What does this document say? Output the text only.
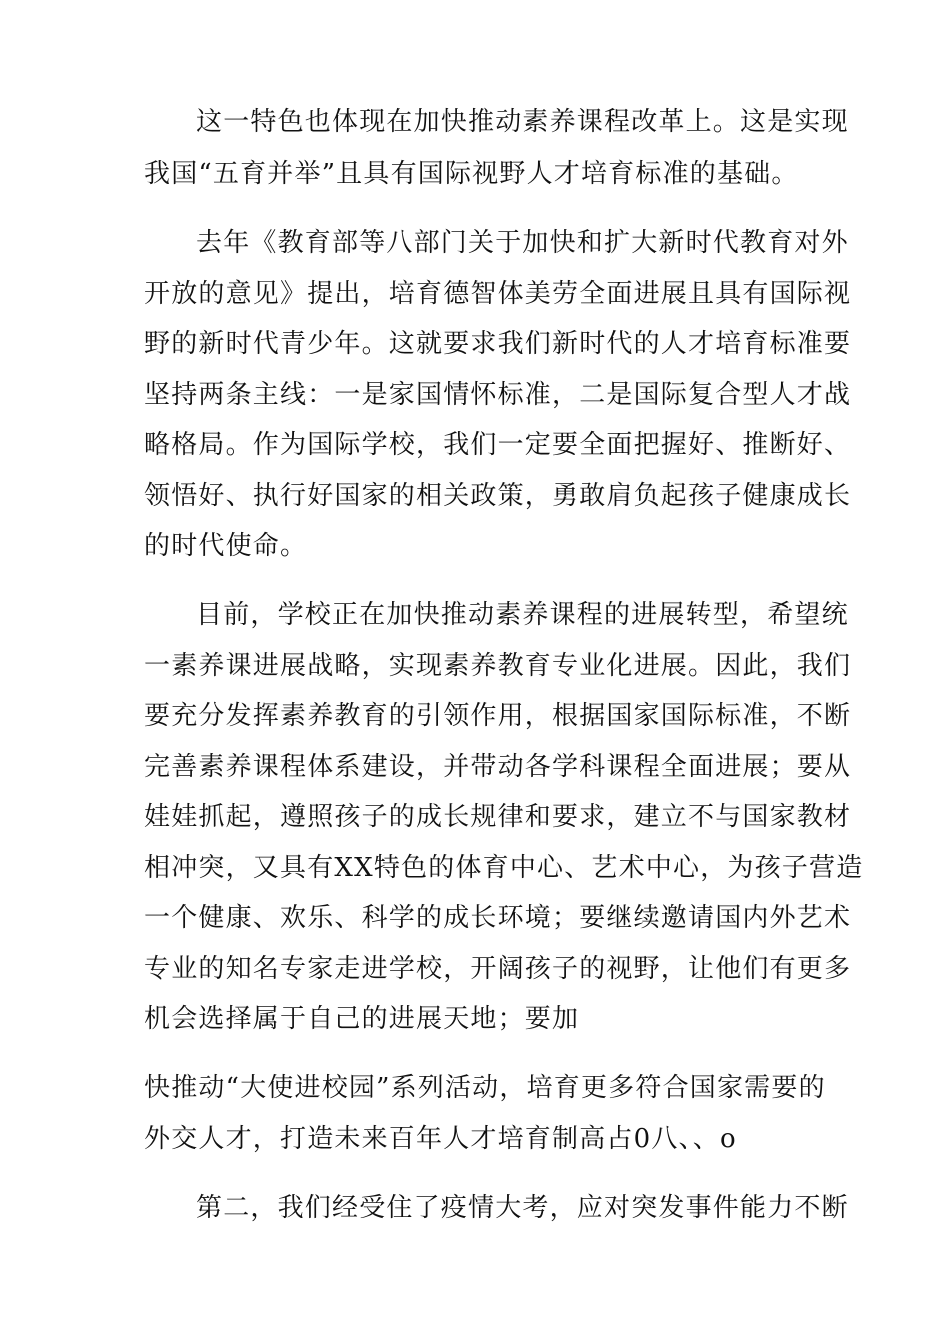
这一特色也体现在加快推动素养课程改革上。这是实现

我国“五育并举”且具有国际视野人才培育标准的基础。

去年《教育部等八部门关于加快和扩大新时代教育对外

开放的意见》提出，培育德智体美劳全面进展且具有国际视

野的新时代青少年。这就要求我们新时代的人才培育标准要

坚持两条主线：一是家国情怀标准，二是国际复合型人才战

略格局。作为国际学校，我们一定要全面把握好、推断好、

领悟好、执行好国家的相关政策，勇敢肩负起孩子健康成长

的时代使命。

目前，学校正在加快推动素养课程的进展转型，希望统

一素养课进展战略，实现素养教育专业化进展。因此，我们

要充分发挥素养教育的引领作用，根据国家国际标准，不断

完善素养课程体系建设，并带动各学科课程全面进展；要从

娃娃抓起，遵照孩子的成长规律和要求，建立不与国家教材

相冲突，又具有XX特色的体育中心、艺术中心，为孩子营造

一个健康、欢乐、科学的成长环境；要继续邀请国内外艺术

专业的知名专家走进学校，开阔孩子的视野，让他们有更多

机会选择属于自己的进展天地；要加

快推动“大使进校园”系列活动，培育更多符合国家需要的

外交人才，打造未来百年人才培育制高占0八、、o

第二，我们经受住了疫情大考，应对突发事件能力不断
